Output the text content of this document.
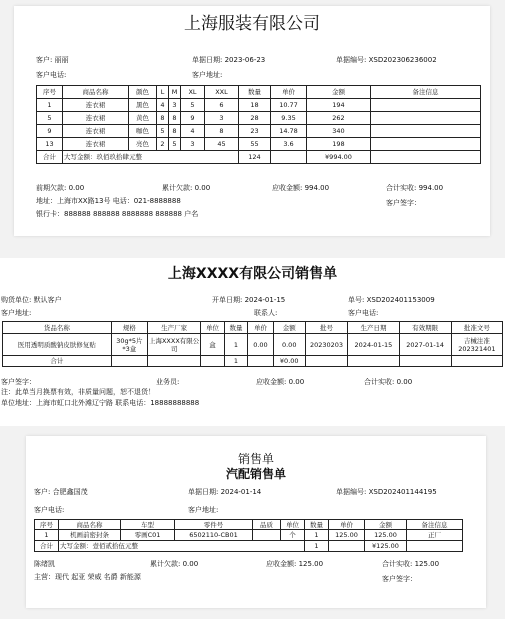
上海服装有限公司
客户: 丽丽	单据日期: 2023-06-23	单据编号: XSD202306236002
客户电话:	客户地址:
序号	商品名称	颜色	L	M	XL	XXL	数量	单价	金额	备注信息
1	连衣裙	黑色	4	3	5	6	18	10.77	194	
5	连衣裙	黄色	8	8	9	3	28	9.35	262	
9	连衣裙	咖色	5	8	4	8	23	14.78	340	
13	连衣裙	亮色	2	5	3	45	55	3.6	198	
合计	大写金额：玖佰玖拾肆元整						124		¥994.00	
前期欠款: 0.00	累计欠款: 0.00	应收金额: 994.00	合计实收: 994.00
地址：上海市XX路13号 电话：021-8888888	客户签字：
银行卡：888888 888888 8888888 888888 户名
上海XXXX有限公司销售单
购货单位: 默认客户	开单日期: 2024-01-15	单号: XSD202401153009
客户地址:	联系人:	客户电话:
货品名称	规格	生产厂家	单位	数量	单价	金额	批号	生产日期	有效期限	批准文号
医用透明质酸钠皮肤修复贴	30g*5片*3盒	上海XXXX有限公司	盒	1	0.00	0.00	20230203	2024-01-15	2027-01-14	吉械注准202321401
合计				1		¥0.00				
客户签字：	业务员:	应收金额: 0.00	合计实收: 0.00
注：此单当月换票有效，非质量问题，恕不退货！
单位地址：上海市虹口北外滩辽宁路 联系电话：18888888888
销售单
汽配销售单
客户: 合肥鑫国茂	单据日期: 2024-01-14	单据编号: XSD202401144195
客户电话:	客户地址:
序号	商品名称	车型	零件号	品质	单位	数量	单价	金额	备注信息
1	机画前密封条	零画C01	6502110-CB01		个	1	125.00	125.00	正厂
合计	大写金额：壹佰贰拾伍元整					1		¥125.00	
陈绪凯	累计欠款: 0.00	应收金额: 125.00	合计实收: 125.00
主营：现代 起亚 荣威 名爵 新能源	客户签字：
